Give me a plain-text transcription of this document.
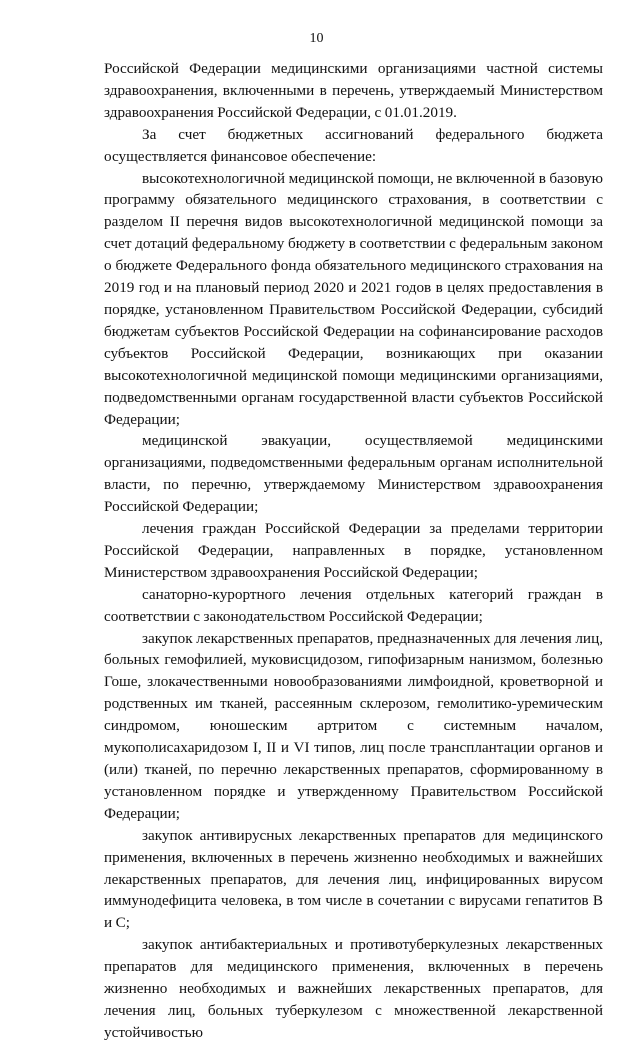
10

Российской Федерации медицинскими организациями частной системы здравоохранения, включенными в перечень, утверждаемый Министерством здравоохранения Российской Федерации, с 01.01.2019.

За счет бюджетных ассигнований федерального бюджета осуществляется финансовое обеспечение:

высокотехнологичной медицинской помощи, не включенной в базовую программу обязательного медицинского страхования, в соответствии с разделом II перечня видов высокотехнологичной медицинской помощи за счет дотаций федеральному бюджету в соответствии с федеральным законом о бюджете Федерального фонда обязательного медицинского страхования на 2019 год и на плановый период 2020 и 2021 годов в целях предоставления в порядке, установленном Правительством Российской Федерации, субсидий бюджетам субъектов Российской Федерации на софинансирование расходов субъектов Российской Федерации, возникающих при оказании высокотехнологичной медицинской помощи медицинскими организациями, подведомственными органам государственной власти субъектов Российской Федерации;

медицинской эвакуации, осуществляемой медицинскими организациями, подведомственными федеральным органам исполнительной власти, по перечню, утверждаемому Министерством здравоохранения Российской Федерации;

лечения граждан Российской Федерации за пределами территории Российской Федерации, направленных в порядке, установленном Министерством здравоохранения Российской Федерации;

санаторно-курортного лечения отдельных категорий граждан в соответствии с законодательством Российской Федерации;

закупок лекарственных препаратов, предназначенных для лечения лиц, больных гемофилией, муковисцидозом, гипофизарным нанизмом, болезнью Гоше, злокачественными новообразованиями лимфоидной, кроветворной и родственных им тканей, рассеянным склерозом, гемолитико-уремическим синдромом, юношеским артритом с системным началом, мукополисахаридозом I, II и VI типов, лиц после трансплантации органов и (или) тканей, по перечню лекарственных препаратов, сформированному в установленном порядке и утвержденному Правительством Российской Федерации;

закупок антивирусных лекарственных препаратов для медицинского применения, включенных в перечень жизненно необходимых и важнейших лекарственных препаратов, для лечения лиц, инфицированных вирусом иммунодефицита человека, в том числе в сочетании с вирусами гепатитов В и С;

закупок антибактериальных и противотуберкулезных лекарственных препаратов для медицинского применения, включенных в перечень жизненно необходимых и важнейших лекарственных препаратов, для лечения лиц, больных туберкулезом с множественной лекарственной устойчивостью
